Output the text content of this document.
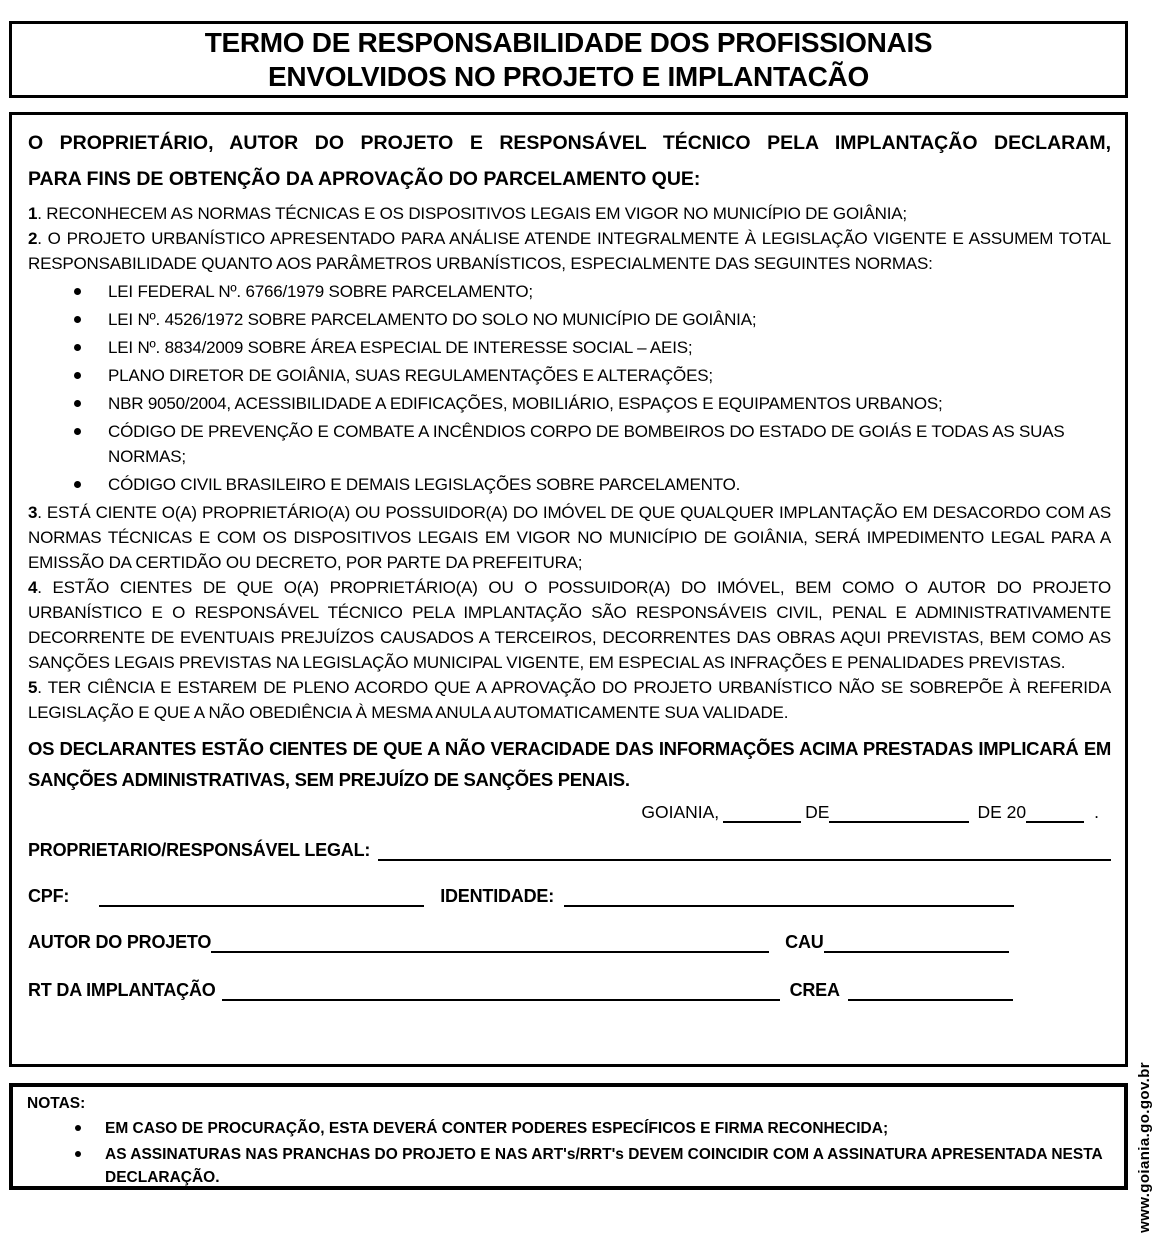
TERMO DE RESPONSABILIDADE DOS PROFISSIONAIS
ENVOLVIDOS NO PROJETO E IMPLANTACÃO
O PROPRIETÁRIO, AUTOR DO PROJETO E RESPONSÁVEL TÉCNICO PELA IMPLANTAÇÃO DECLARAM,
PARA FINS DE OBTENÇÃO DA APROVAÇÃO DO PARCELAMENTO QUE:
1. RECONHECEM AS NORMAS TÉCNICAS E OS DISPOSITIVOS LEGAIS EM VIGOR NO MUNICÍPIO DE GOIÂNIA;
2. O PROJETO URBANÍSTICO APRESENTADO PARA ANÁLISE ATENDE INTEGRALMENTE À LEGISLAÇÃO VIGENTE E ASSUMEM TOTAL RESPONSABILIDADE QUANTO AOS PARÂMETROS URBANÍSTICOS, ESPECIALMENTE DAS SEGUINTES NORMAS:
LEI FEDERAL Nº. 6766/1979 SOBRE PARCELAMENTO;
LEI Nº. 4526/1972 SOBRE PARCELAMENTO DO SOLO NO MUNICÍPIO DE GOIÂNIA;
LEI Nº. 8834/2009 SOBRE ÁREA ESPECIAL DE INTERESSE SOCIAL – AEIS;
PLANO DIRETOR DE GOIÂNIA, SUAS REGULAMENTAÇÕES E ALTERAÇÕES;
NBR 9050/2004, ACESSIBILIDADE A EDIFICAÇÕES, MOBILIÁRIO, ESPAÇOS E EQUIPAMENTOS URBANOS;
CÓDIGO DE PREVENÇÃO E COMBATE A INCÊNDIOS CORPO DE BOMBEIROS DO ESTADO DE GOIÁS E TODAS AS SUAS NORMAS;
CÓDIGO CIVIL BRASILEIRO E DEMAIS LEGISLAÇÕES SOBRE PARCELAMENTO.
3. ESTÁ CIENTE O(A) PROPRIETÁRIO(A) OU POSSUIDOR(A) DO IMÓVEL DE QUE QUALQUER IMPLANTAÇÃO EM DESACORDO COM AS NORMAS TÉCNICAS E COM OS DISPOSITIVOS LEGAIS EM VIGOR NO MUNICÍPIO DE GOIÂNIA, SERÁ IMPEDIMENTO LEGAL PARA A EMISSÃO DA CERTIDÃO OU DECRETO, POR PARTE DA PREFEITURA;
4. ESTÃO CIENTES DE QUE O(A) PROPRIETÁRIO(A) OU O POSSUIDOR(A) DO IMÓVEL, BEM COMO O AUTOR DO PROJETO URBANÍSTICO E O RESPONSÁVEL TÉCNICO PELA IMPLANTAÇÃO SÃO RESPONSÁVEIS CIVIL, PENAL E ADMINISTRATIVAMENTE DECORRENTE DE EVENTUAIS PREJUÍZOS CAUSADOS A TERCEIROS, DECORRENTES DAS OBRAS AQUI PREVISTAS, BEM COMO AS SANÇÕES LEGAIS PREVISTAS NA LEGISLAÇÃO MUNICIPAL VIGENTE, EM ESPECIAL AS INFRAÇÕES E PENALIDADES PREVISTAS.
5. TER CIÊNCIA E ESTAREM DE PLENO ACORDO QUE A APROVAÇÃO DO PROJETO URBANÍSTICO NÃO SE SOBREPÕE À REFERIDA LEGISLAÇÃO E QUE A NÃO OBEDIÊNCIA À MESMA ANULA AUTOMATICAMENTE SUA VALIDADE.
OS DECLARANTES ESTÃO CIENTES DE QUE A NÃO VERACIDADE DAS INFORMAÇÕES ACIMA PRESTADAS IMPLICARÁ EM SANÇÕES ADMINISTRATIVAS, SEM PREJUÍZO DE SANÇÕES PENAIS.
GOIANIA,	DE	DE 20	.
PROPRIETARIO/RESPONSÁVEL LEGAL:
CPF:	IDENTIDADE:
AUTOR DO PROJETO	CAU
RT DA IMPLANTAÇÃO	CREA
NOTAS:
EM CASO DE PROCURAÇÃO, ESTA DEVERÁ CONTER PODERES ESPECÍFICOS E FIRMA RECONHECIDA;
AS ASSINATURAS NAS PRANCHAS DO PROJETO E NAS ART's/RRT's DEVEM COINCIDIR COM A ASSINATURA APRESENTADA NESTA DECLARAÇÃO.	www.goiania.go.gov.br
